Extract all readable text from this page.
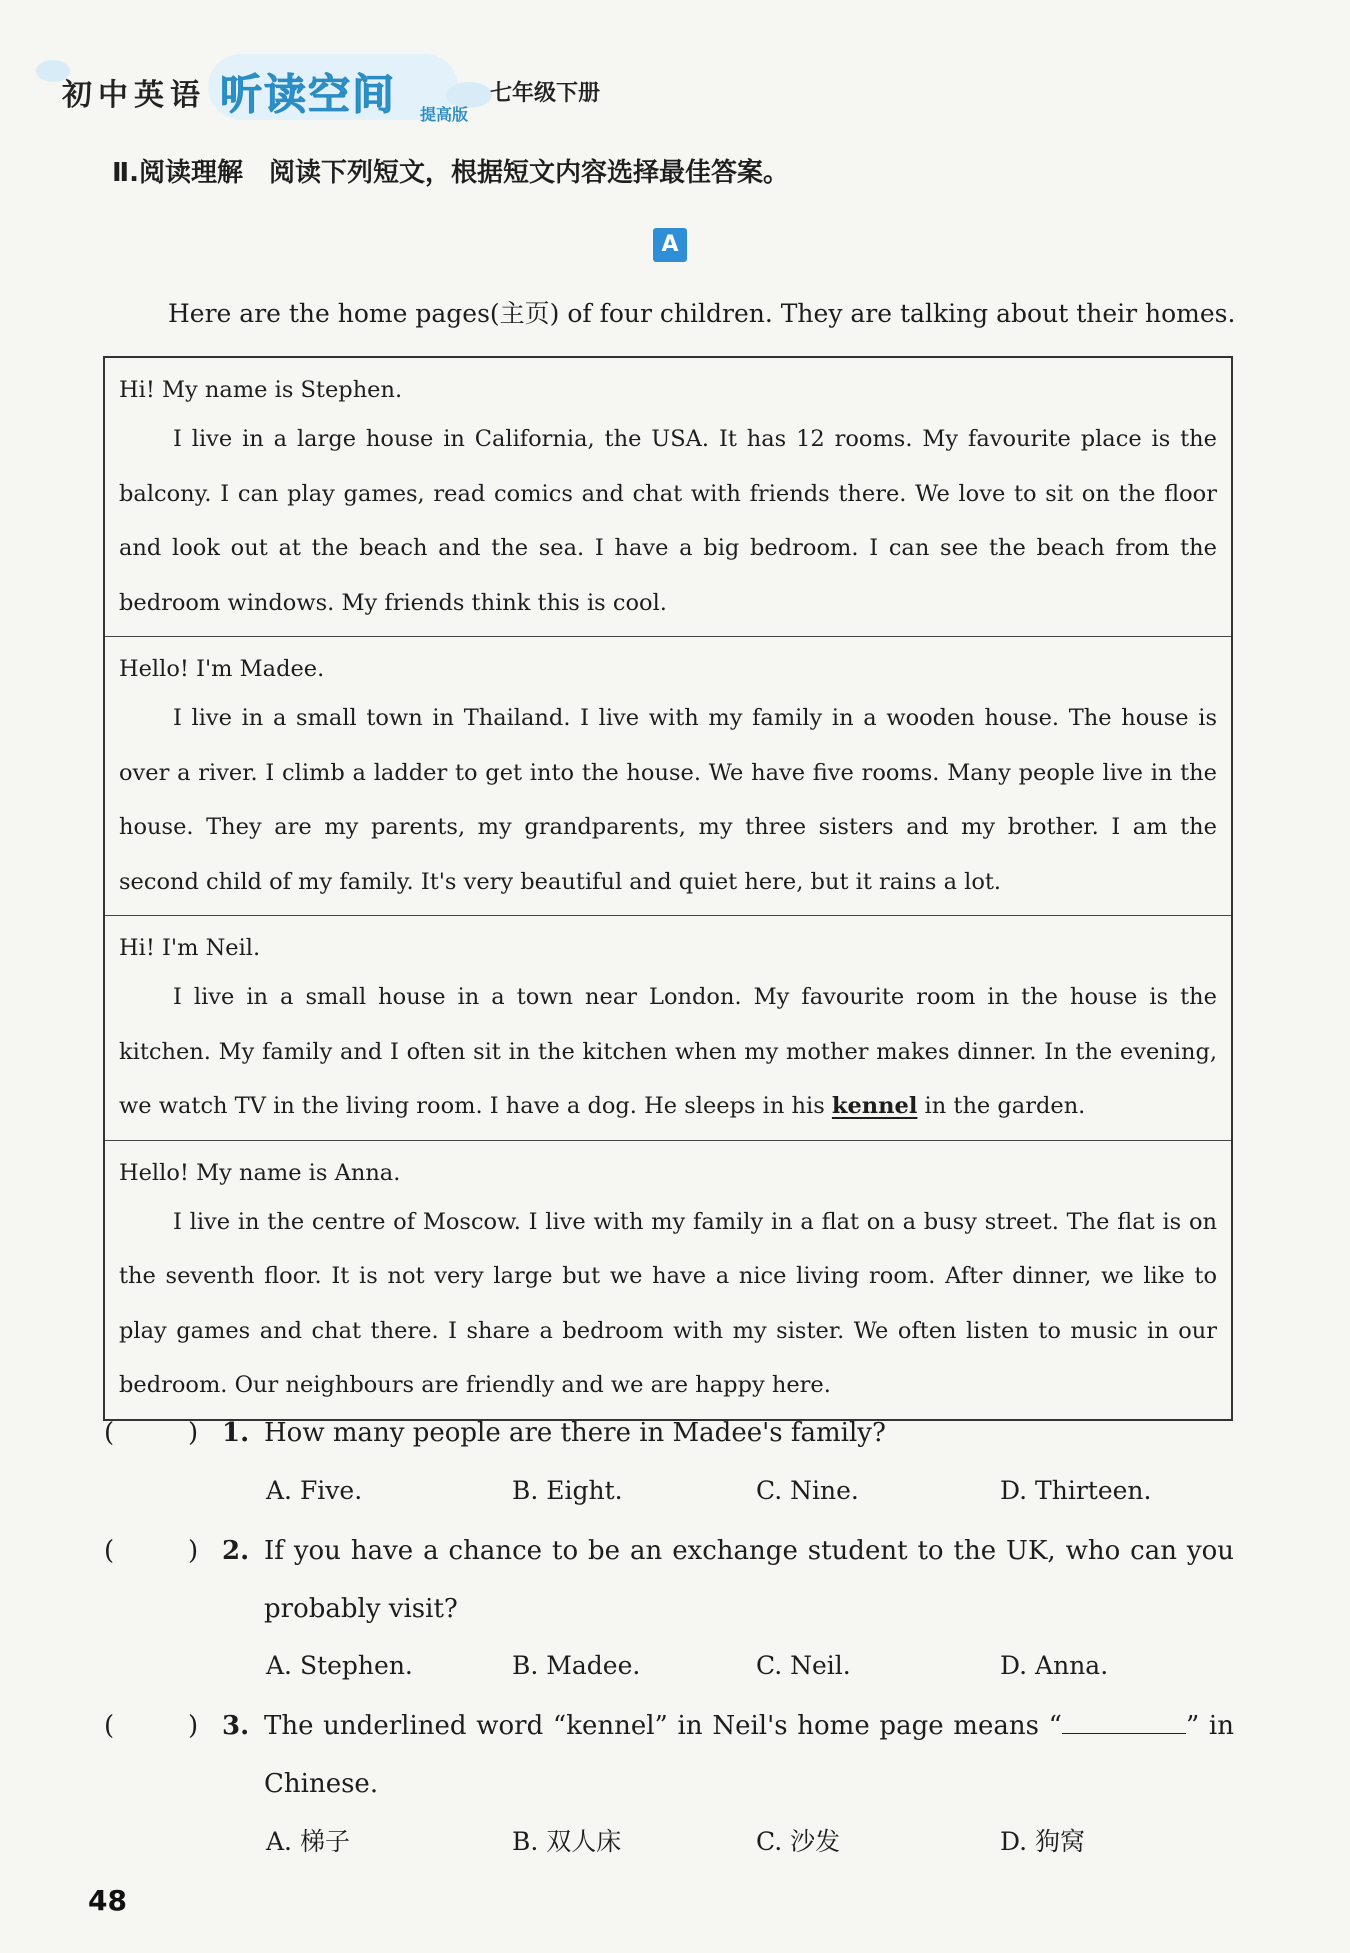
初中英语 听读空间 提高版
七年级下册
Ⅱ.阅读理解 阅读下列短文，根据短文内容选择最佳答案。
A
Here are the home pages(主页) of four children. They are talking about their homes.

Hi! My name is Stephen.

I live in a large house in California, the USA. It has 12 rooms. My favourite place is the balcony. I can play games, read comics and chat with friends there. We love to sit on the floor and look out at the beach and the sea. I have a big bedroom. I can see the beach from the bedroom windows. My friends think this is cool.

Hello! I'm Madee.

I live in a small town in Thailand. I live with my family in a wooden house. The house is over a river. I climb a ladder to get into the house. We have five rooms. Many people live in the house. They are my parents, my grandparents, my three sisters and my brother. I am the second child of my family. It's very beautiful and quiet here, but it rains a lot.

Hi! I'm Neil.

I live in a small house in a town near London. My favourite room in the house is the kitchen. My family and I often sit in the kitchen when my mother makes dinner. In the evening, we watch TV in the living room. I have a dog. He sleeps in his kennel in the garden.

Hello! My name is Anna.

I live in the centre of Moscow. I live with my family in a flat on a busy street. The flat is on the seventh floor. It is not very large but we have a nice living room. After dinner, we like to play games and chat there. I share a bedroom with my sister. We often listen to music in our bedroom. Our neighbours are friendly and we are happy here.

(	) 1. How many people are there in Madee's family?
A. Five.	B. Eight.	C. Nine.	D. Thirteen.
(	) 2. If you have a chance to be an exchange student to the UK, who can you probably visit?
A. Stephen.	B. Madee.	C. Neil.	D. Anna.
(	) 3. The underlined word “kennel” in Neil's home page means “	” in Chinese.
A. 梯子	B. 双人床	C. 沙发	D. 狗窝
48
